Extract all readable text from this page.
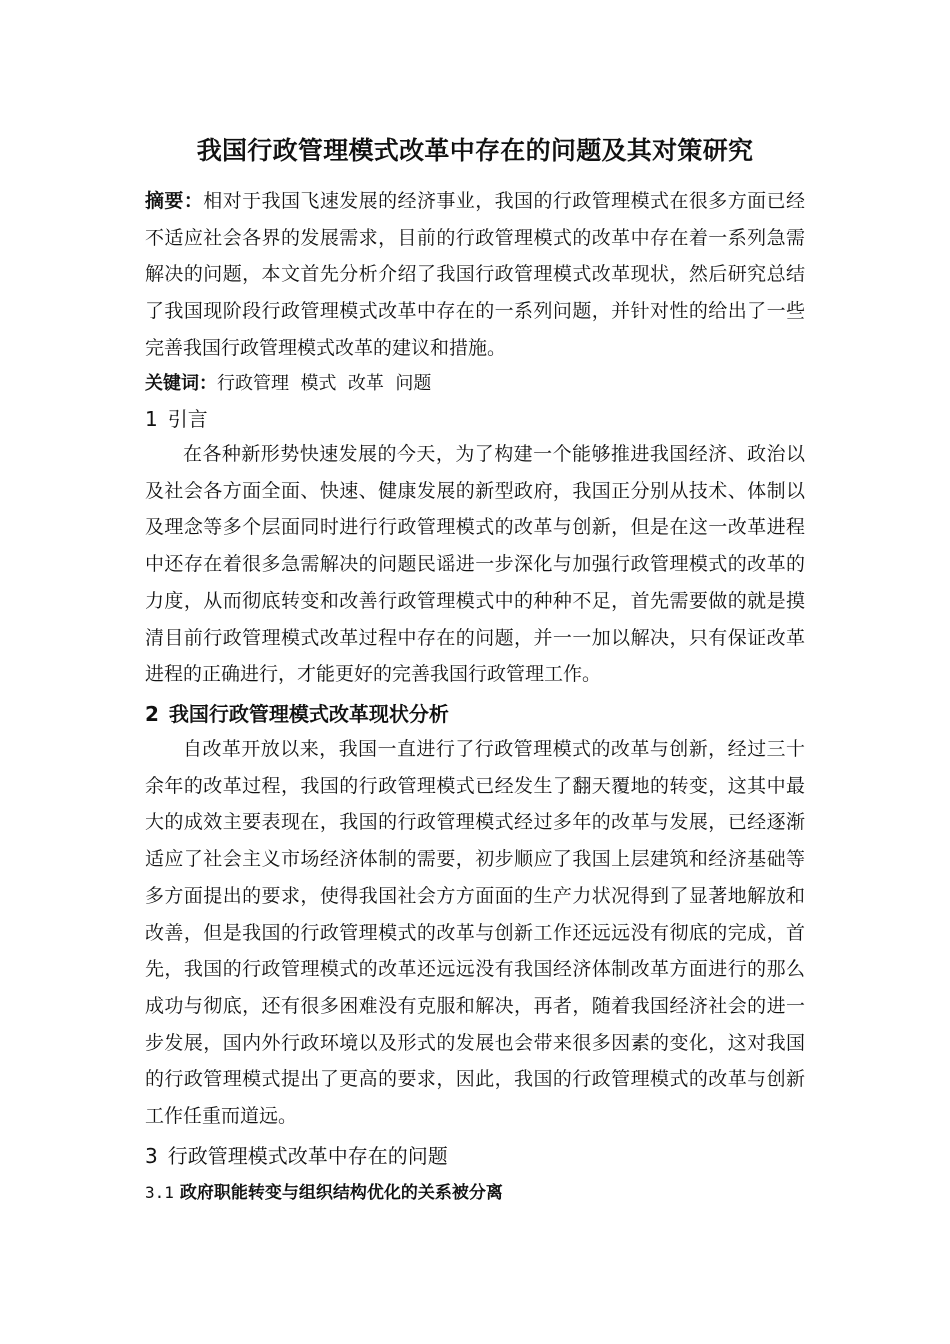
我国行政管理模式改革中存在的问题及其对策研究
摘要：相对于我国飞速发展的经济事业，我国的行政管理模式在很多方面已经不适应社会各界的发展需求，目前的行政管理模式的改革中存在着一系列急需解决的问题，本文首先分析介绍了我国行政管理模式改革现状，然后研究总结了我国现阶段行政管理模式改革中存在的一系列问题，并针对性的给出了一些完善我国行政管理模式改革的建议和措施。
关键词：行政管理  模式  改革  问题
1 引言
在各种新形势快速发展的今天，为了构建一个能够推进我国经济、政治以及社会各方面全面、快速、健康发展的新型政府，我国正分别从技术、体制以及理念等多个层面同时进行行政管理模式的改革与创新，但是在这一改革进程中还存在着很多急需解决的问题民谣进一步深化与加强行政管理模式的改革的力度，从而彻底转变和改善行政管理模式中的种种不足，首先需要做的就是摸清目前行政管理模式改革过程中存在的问题，并一一加以解决，只有保证改革进程的正确进行，才能更好的完善我国行政管理工作。
2 我国行政管理模式改革现状分析
自改革开放以来，我国一直进行了行政管理模式的改革与创新，经过三十余年的改革过程，我国的行政管理模式已经发生了翻天覆地的转变，这其中最大的成效主要表现在，我国的行政管理模式经过多年的改革与发展，已经逐渐适应了社会主义市场经济体制的需要，初步顺应了我国上层建筑和经济基础等多方面提出的要求，使得我国社会方方面面的生产力状况得到了显著地解放和改善，但是我国的行政管理模式的改革与创新工作还远远没有彻底的完成，首先，我国的行政管理模式的改革还远远没有我国经济体制改革方面进行的那么成功与彻底，还有很多困难没有克服和解决，再者，随着我国经济社会的进一步发展，国内外行政环境以及形式的发展也会带来很多因素的变化，这对我国的行政管理模式提出了更高的要求，因此，我国的行政管理模式的改革与创新工作任重而道远。
3 行政管理模式改革中存在的问题
3.1 政府职能转变与组织结构优化的关系被分离
